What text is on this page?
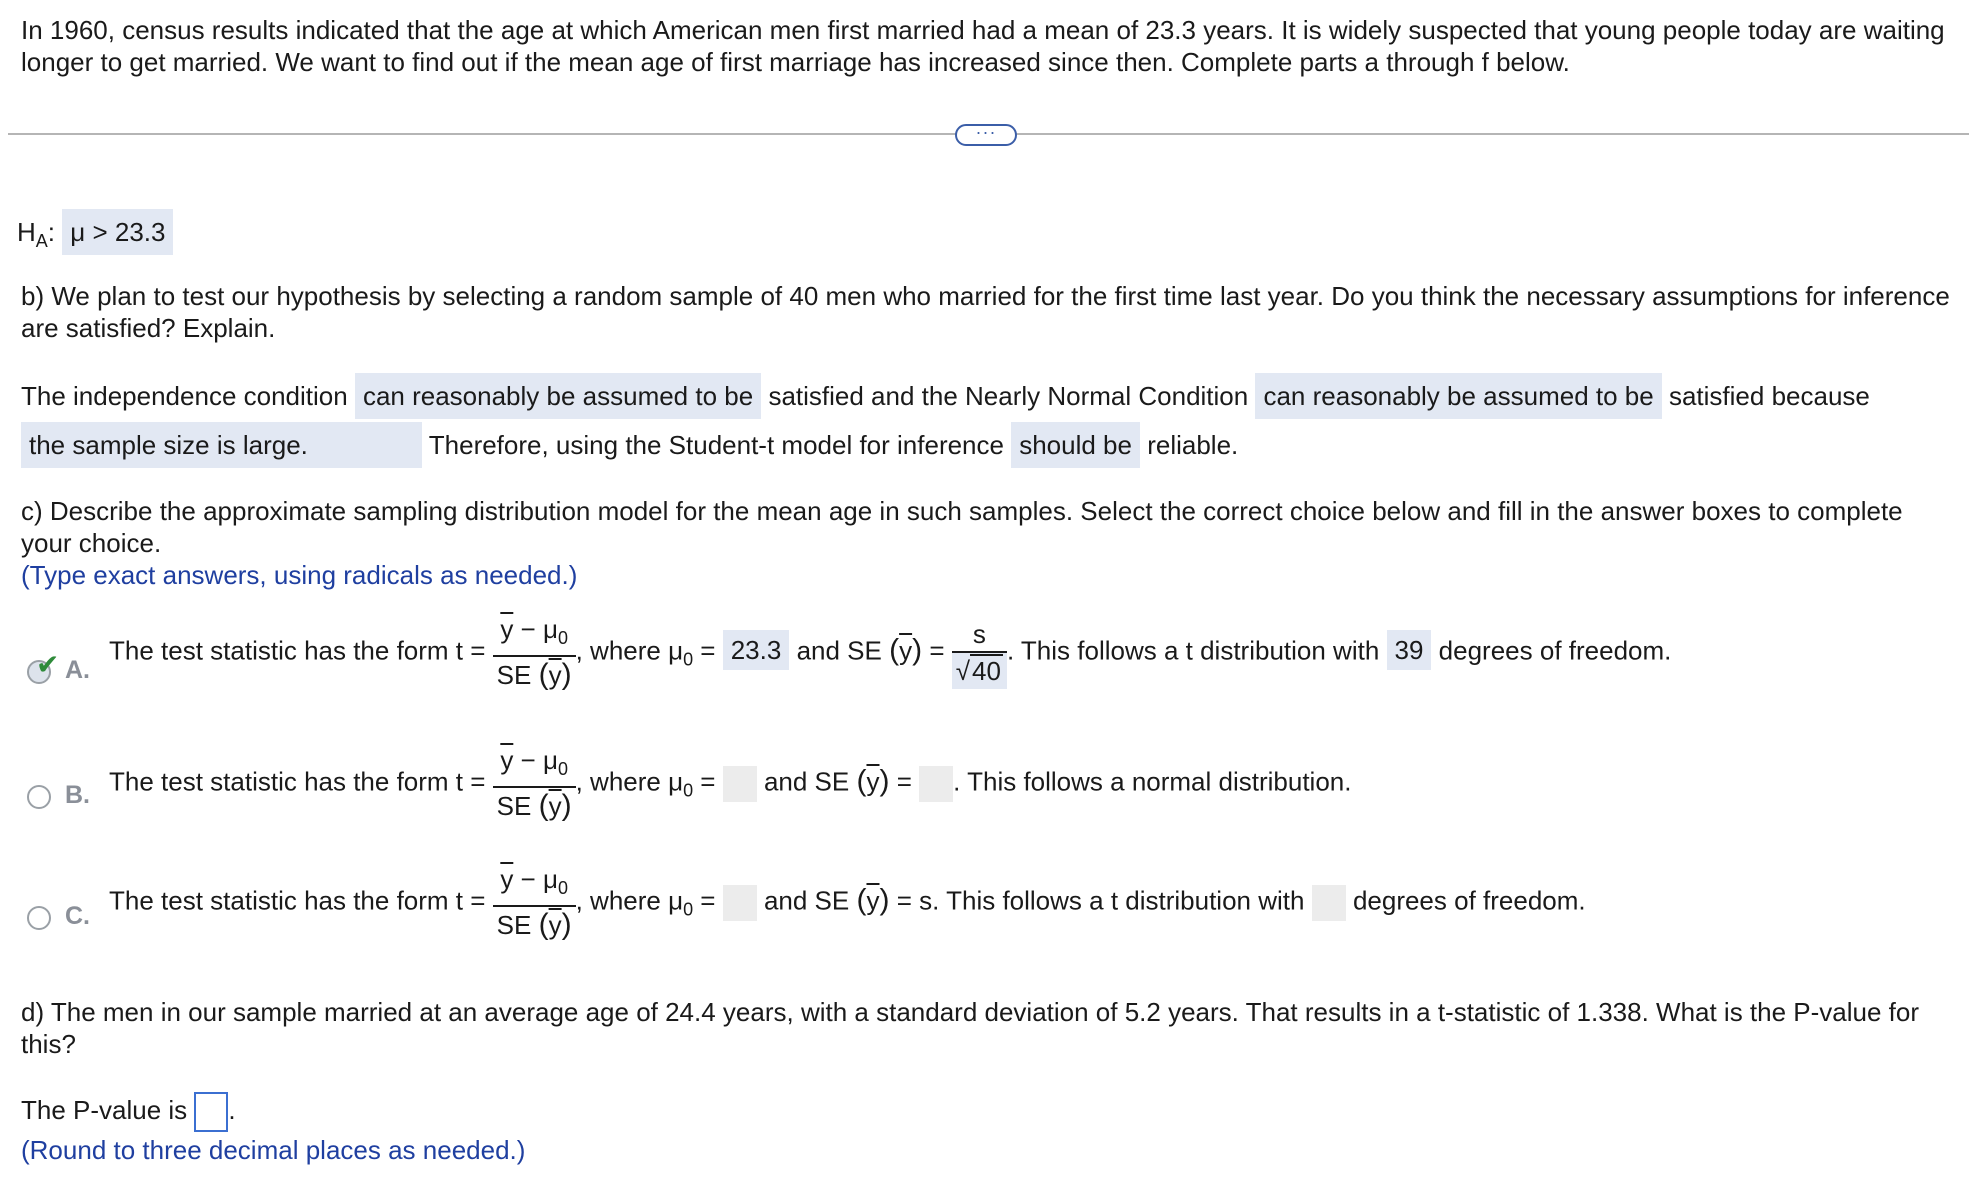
In 1960, census results indicated that the age at which American men first married had a mean of 23.3 years. It is widely suspected that young people today are waiting longer to get married. We want to find out if the mean age of first marriage has increased since then. Complete parts a through f below.
···
$H_A$: μ > 23.3
b) We plan to test our hypothesis by selecting a random sample of 40 men who married for the first time last year. Do you think the necessary assumptions for inference are satisfied? Explain.
The independence condition can reasonably be assumed to be satisfied and the Nearly Normal Condition can reasonably be assumed to be satisfied because
the sample size is large.	Therefore, using the Student-t model for inference should be reliable.
c) Describe the approximate sampling distribution model for the mean age in such samples. Select the correct choice below and fill in the answer boxes to complete your choice.
(Type exact answers, using radicals as needed.)
✔ A.
The test statistic has the form $t = \frac{\overline{y} - \mu_0}{SE (\overline{y})}$ , where $\mu_0 = 23.3$ and SE $(\overline{y}) = \frac{s}{√40}$ . This follows a t distribution with 39 degrees of freedom.
B. The test statistic has the form $t = \frac{\overline{y} - \mu_0}{SE (\overline{y})}$ , where $\mu_0$ =  and SE $(\overline{y})$ = . This follows a normal distribution.
C.
The test statistic has the form $t = \frac{\overline{y} - \mu_0}{SE (\overline{y})}$ , where $\mu_0$ =  and SE $(\overline{y}) = s$. This follows a t distribution with degrees of freedom.
d) The men in our sample married at an average age of 24.4 years, with a standard deviation of 5.2 years. That results in a t-statistic of 1.338. What is the P-value for this?
The P-value is .
(Round to three decimal places as needed.)
